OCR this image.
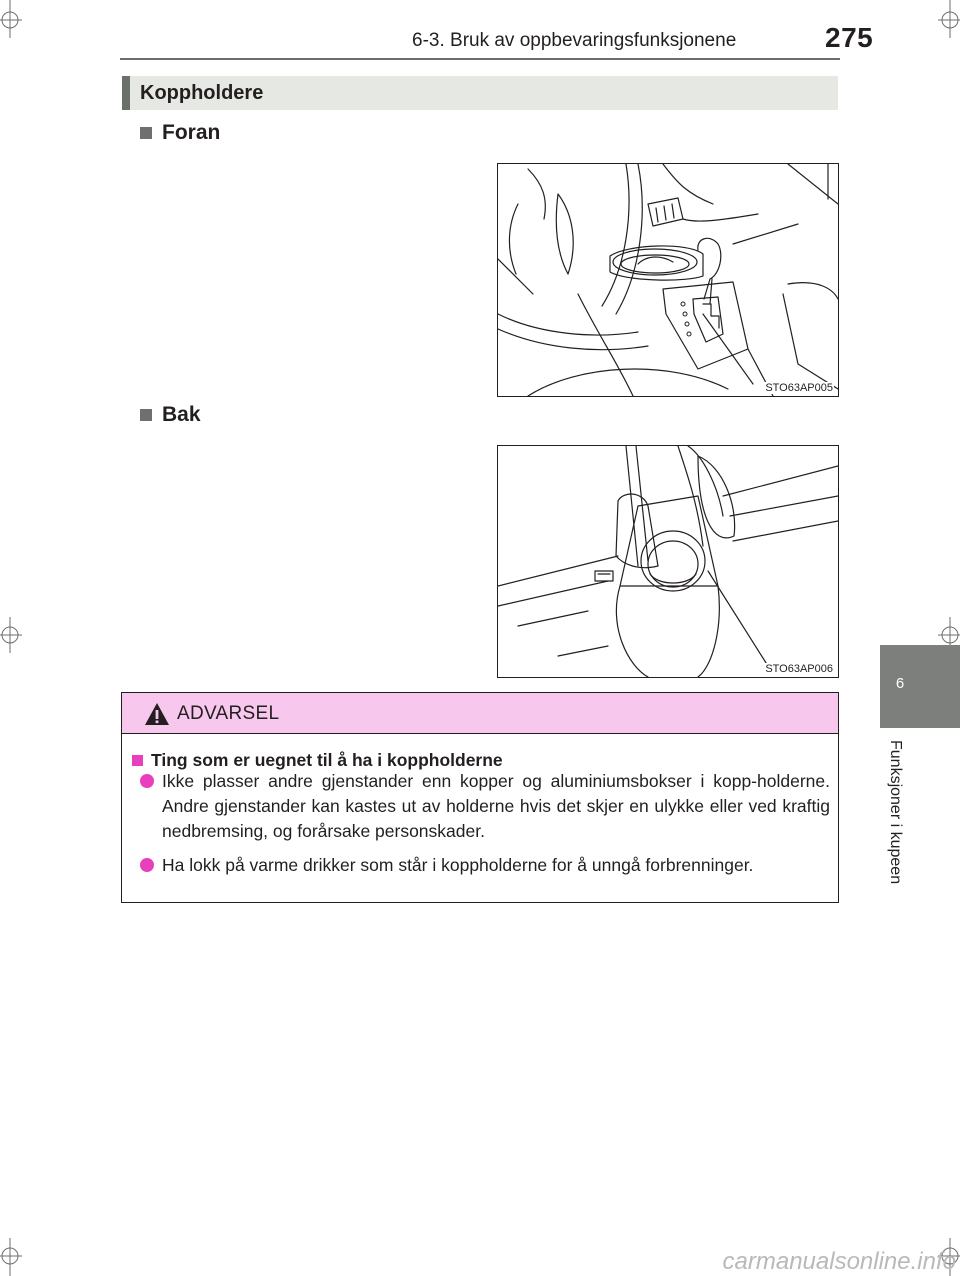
6-3. Bruk av oppbevaringsfunksjonene	275
Koppholdere
Foran
STO63AP005
Bak
STO63AP006
6
Funksjoner i kupeen
ADVARSEL
Ting som er uegnet til å ha i koppholderne
Ikke plasser andre gjenstander enn kopper og aluminiumsbokser i kopp-holderne. Andre gjenstander kan kastes ut av holderne hvis det skjer en ulykke eller ved kraftig nedbremsing, og forårsake personskader.
Ha lokk på varme drikker som står i koppholderne for å unngå forbrenninger.
carmanualsonline.info
